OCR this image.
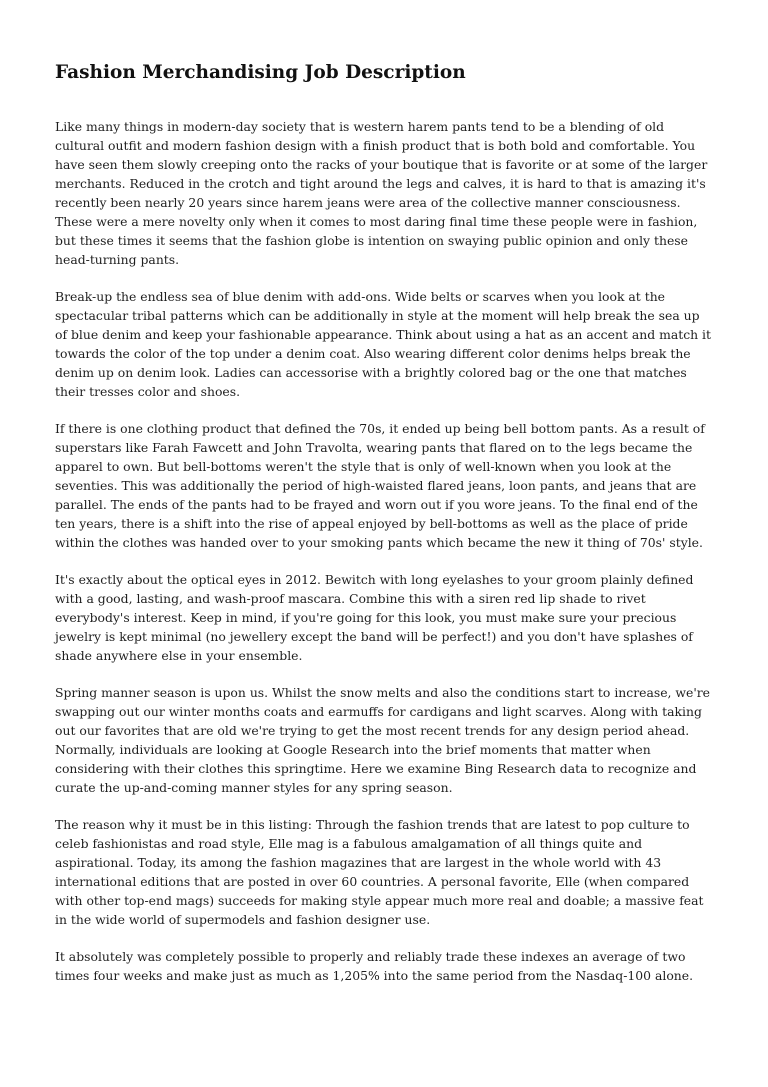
Fashion Merchandising Job Description

Like many things in modern-day society that is western harem pants tend to be a blending of old cultural outfit and modern fashion design with a finish product that is both bold and comfortable. You have seen them slowly creeping onto the racks of your boutique that is favorite or at some of the larger merchants. Reduced in the crotch and tight around the legs and calves, it is hard to that is amazing it's recently been nearly 20 years since harem jeans were area of the collective manner consciousness. These were a mere novelty only when it comes to most daring final time these people were in fashion, but these times it seems that the fashion globe is intention on swaying public opinion and only these head-turning pants.

Break-up the endless sea of blue denim with add-ons. Wide belts or scarves when you look at the spectacular tribal patterns which can be additionally in style at the moment will help break the sea up of blue denim and keep your fashionable appearance. Think about using a hat as an accent and match it towards the color of the top under a denim coat. Also wearing different color denims helps break the denim up on denim look. Ladies can accessorise with a brightly colored bag or the one that matches their tresses color and shoes.

If there is one clothing product that defined the 70s, it ended up being bell bottom pants. As a result of superstars like Farah Fawcett and John Travolta, wearing pants that flared on to the legs became the apparel to own. But bell-bottoms weren't the style that is only of well-known when you look at the seventies. This was additionally the period of high-waisted flared jeans, loon pants, and jeans that are parallel. The ends of the pants had to be frayed and worn out if you wore jeans. To the final end of the ten years, there is a shift into the rise of appeal enjoyed by bell-bottoms as well as the place of pride within the clothes was handed over to your smoking pants which became the new it thing of 70s' style.

It's exactly about the optical eyes in 2012. Bewitch with long eyelashes to your groom plainly defined with a good, lasting, and wash-proof mascara. Combine this with a siren red lip shade to rivet everybody's interest. Keep in mind, if you're going for this look, you must make sure your precious jewelry is kept minimal (no jewellery except the band will be perfect!) and you don't have splashes of shade anywhere else in your ensemble.

Spring manner season is upon us. Whilst the snow melts and also the conditions start to increase, we're swapping out our winter months coats and earmuffs for cardigans and light scarves. Along with taking out our favorites that are old we're trying to get the most recent trends for any design period ahead. Normally, individuals are looking at Google Research into the brief moments that matter when considering with their clothes this springtime. Here we examine Bing Research data to recognize and curate the up-and-coming manner styles for any spring season.

The reason why it must be in this listing: Through the fashion trends that are latest to pop culture to celeb fashionistas and road style, Elle mag is a fabulous amalgamation of all things quite and aspirational. Today, its among the fashion magazines that are largest in the whole world with 43 international editions that are posted in over 60 countries. A personal favorite, Elle (when compared with other top-end mags) succeeds for making style appear much more real and doable; a massive feat in the wide world of supermodels and fashion designer use.

It absolutely was completely possible to properly and reliably trade these indexes an average of two times four weeks and make just as much as 1,205% into the same period from the Nasdaq-100 alone.
